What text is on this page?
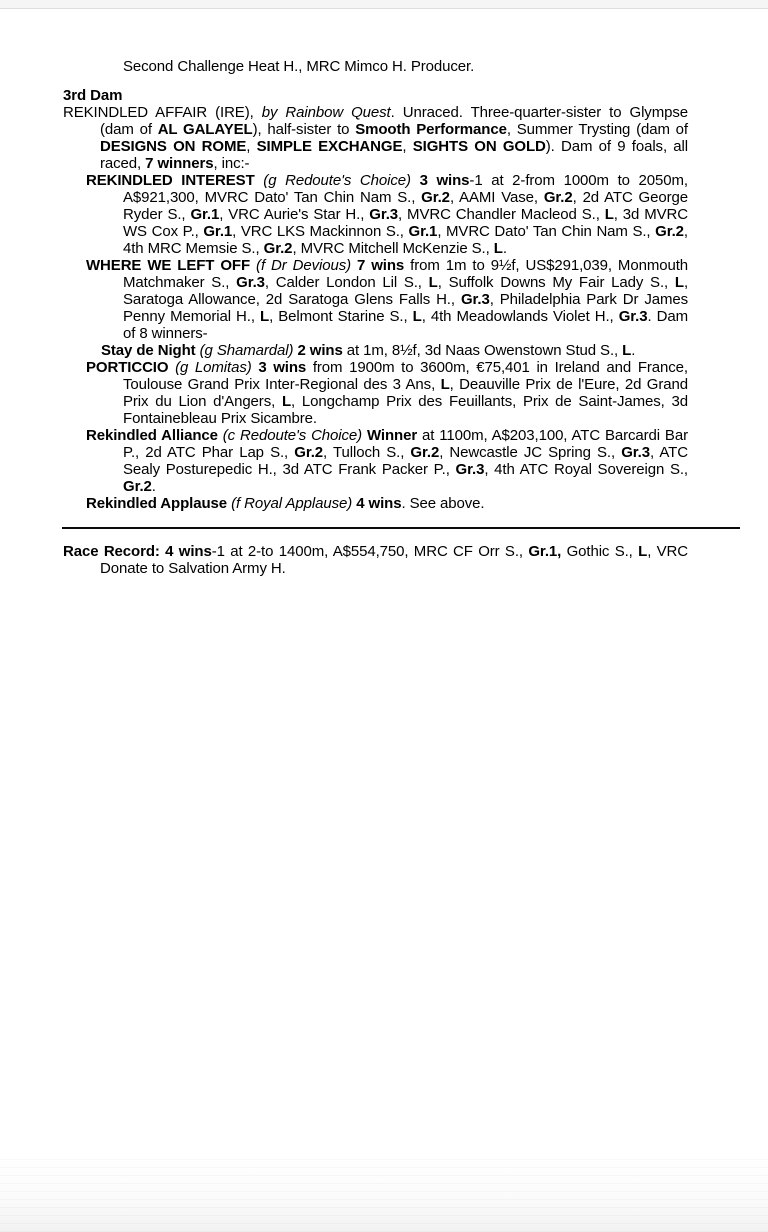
Second Challenge Heat H., MRC Mimco H. Producer.

3rd Dam

REKINDLED AFFAIR (IRE), by Rainbow Quest. Unraced. Three-quarter-sister to Glympse (dam of AL GALAYEL), half-sister to Smooth Performance, Summer Trysting (dam of DESIGNS ON ROME, SIMPLE EXCHANGE, SIGHTS ON GOLD). Dam of 9 foals, all raced, 7 winners, inc:-

REKINDLED INTEREST (g Redoute's Choice) 3 wins-1 at 2-from 1000m to 2050m, A$921,300, MVRC Dato' Tan Chin Nam S., Gr.2, AAMI Vase, Gr.2, 2d ATC George Ryder S., Gr.1, VRC Aurie's Star H., Gr.3, MVRC Chandler Macleod S., L, 3d MVRC WS Cox P., Gr.1, VRC LKS Mackinnon S., Gr.1, MVRC Dato' Tan Chin Nam S., Gr.2, 4th MRC Memsie S., Gr.2, MVRC Mitchell McKenzie S., L.

WHERE WE LEFT OFF (f Dr Devious) 7 wins from 1m to 9½f, US$291,039, Monmouth Matchmaker S., Gr.3, Calder London Lil S., L, Suffolk Downs My Fair Lady S., L, Saratoga Allowance, 2d Saratoga Glens Falls H., Gr.3, Philadelphia Park Dr James Penny Memorial H., L, Belmont Starine S., L, 4th Meadowlands Violet H., Gr.3. Dam of 8 winners-

Stay de Night (g Shamardal) 2 wins at 1m, 8½f, 3d Naas Owenstown Stud S., L.

PORTICCIO (g Lomitas) 3 wins from 1900m to 3600m, €75,401 in Ireland and France, Toulouse Grand Prix Inter-Regional des 3 Ans, L, Deauville Prix de l'Eure, 2d Grand Prix du Lion d'Angers, L, Longchamp Prix des Feuillants, Prix de Saint-James, 3d Fontainebleau Prix Sicambre.

Rekindled Alliance (c Redoute's Choice) Winner at 1100m, A$203,100, ATC Barcardi Bar P., 2d ATC Phar Lap S., Gr.2, Tulloch S., Gr.2, Newcastle JC Spring S., Gr.3, ATC Sealy Posturepedic H., 3d ATC Frank Packer P., Gr.3, 4th ATC Royal Sovereign S., Gr.2.

Rekindled Applause (f Royal Applause) 4 wins. See above.

Race Record: 4 wins-1 at 2-to 1400m, A$554,750, MRC CF Orr S., Gr.1, Gothic S., L, VRC Donate to Salvation Army H.
